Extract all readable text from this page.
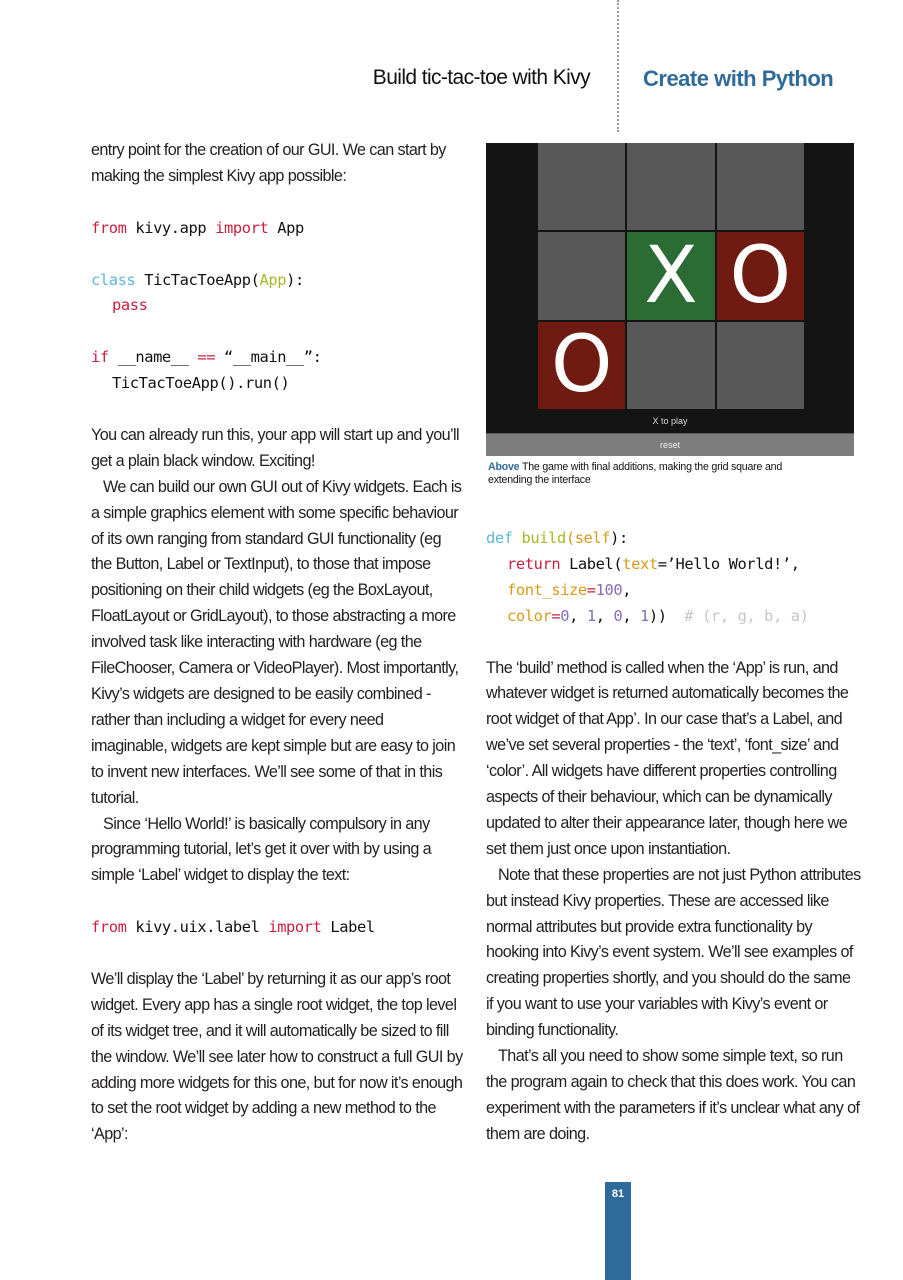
Build tic-tac-toe with Kivy Create with Python

entry point for the creation of our GUI. We can start by making the simplest Kivy app possible:

from kivy.app import App
class TicTacToeApp(App):
pass
if __name__ == “__main__”:
TicTacToeApp().run()

You can already run this, your app will start up and you’ll get a plain black window. Exciting!

We can build our own GUI out of Kivy widgets. Each is a simple graphics element with some specific behaviour of its own ranging from standard GUI functionality (eg the Button, Label or TextInput), to those that impose positioning on their child widgets (eg the BoxLayout, FloatLayout or GridLayout), to those abstracting a more involved task like interacting with hardware (eg the FileChooser, Camera or VideoPlayer). Most importantly, Kivy’s widgets are designed to be easily combined - rather than including a widget for every need imaginable, widgets are kept simple but are easy to join to invent new interfaces. We’ll see some of that in this tutorial.

Since ‘Hello World!’ is basically compulsory in any programming tutorial, let’s get it over with by using a simple ‘Label’ widget to display the text:

from kivy.uix.label import Label

We’ll display the ‘Label’ by returning it as our app’s root widget. Every app has a single root widget, the top level of its widget tree, and it will automatically be sized to fill the window. We’ll see later how to construct a full GUI by adding more widgets for this one, but for now it’s enough to set the root widget by adding a new method to the ‘App’:

X O
O
X to play
reset
Above The game with final additions, making the grid square and extending the interface
def build(self):
return Label(text=’Hello World!’,
font_size=100,
color=0, 1, 0, 1))  # (r, g, b, a)

The ‘build’ method is called when the ‘App’ is run, and whatever widget is returned automatically becomes the root widget of that App’. In our case that’s a Label, and we’ve set several properties - the ‘text’, ‘font_size’ and ‘color’. All widgets have different properties controlling aspects of their behaviour, which can be dynamically updated to alter their appearance later, though here we set them just once upon instantiation.

Note that these properties are not just Python attributes but instead Kivy properties. These are accessed like normal attributes but provide extra functionality by hooking into Kivy’s event system. We’ll see examples of creating properties shortly, and you should do the same if you want to use your variables with Kivy’s event or binding functionality.

That’s all you need to show some simple text, so run the program again to check that this does work. You can experiment with the parameters if it’s unclear what any of them are doing.

81
